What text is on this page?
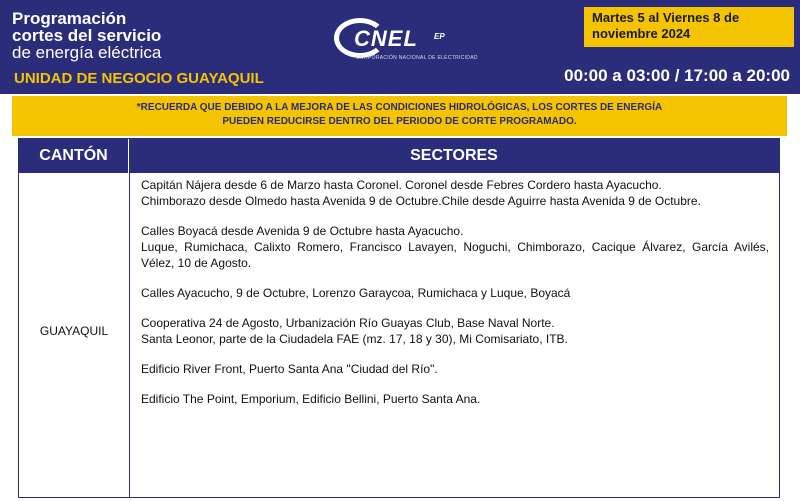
Programación
cortes del servicio
de energía eléctrica
UNIDAD DE NEGOCIO GUAYAQUIL
CNEL EP
CORPORACIÓN NACIONAL DE ELECTRICIDAD
Martes 5 al Viernes 8 de noviembre 2024
00:00 a 03:00 / 17:00 a 20:00
*RECUERDA QUE DEBIDO A LA MEJORA DE LAS CONDICIONES HIDROLÓGICAS, LOS CORTES DE ENERGÍA
PUEDEN REDUCIRSE DENTRO DEL PERIODO DE CORTE PROGRAMADO.
CANTÓN	SECTORES
GUAYAQUIL
Capitán Nájera desde 6 de Marzo hasta Coronel. Coronel desde Febres Cordero hasta Ayacucho.
Chimborazo desde Olmedo hasta Avenida 9 de Octubre.Chile desde Aguirre hasta Avenida 9 de Octubre.
Calles Boyacá desde Avenida 9 de Octubre hasta Ayacucho.
Luque, Rumichaca, Calixto Romero, Francisco Lavayen, Noguchi, Chimborazo, Cacique Álvarez, García Avilés, Vélez, 10 de Agosto.
Calles Ayacucho, 9 de Octubre, Lorenzo Garaycoa, Rumichaca y Luque, Boyacá
Cooperativa 24 de Agosto, Urbanización Río Guayas Club, Base Naval Norte.
Santa Leonor, parte de la Ciudadela FAE (mz. 17, 18 y 30), Mi Comisariato, ITB.
Edificio River Front, Puerto Santa Ana "Ciudad del Río".
Edificio The Point, Emporium, Edificio Bellini, Puerto Santa Ana.
